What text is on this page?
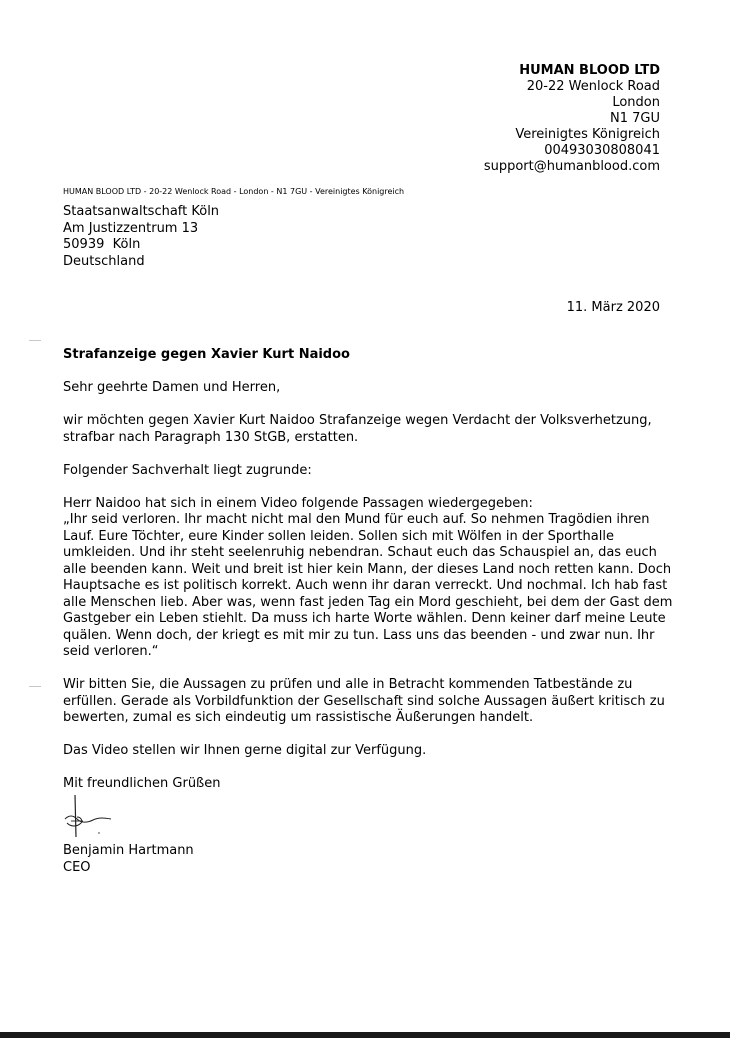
HUMAN BLOOD LTD
20-22 Wenlock Road
London
N1 7GU
Vereinigtes Königreich
00493030808041
support@humanblood.com
HUMAN BLOOD LTD - 20-22 Wenlock Road - London - N1 7GU - Vereinigtes Königreich
Staatsanwaltschaft Köln
Am Justizzentrum 13
50939  Köln
Deutschland
11. März 2020
Strafanzeige gegen Xavier Kurt Naidoo

Sehr geehrte Damen und Herren,

wir möchten gegen Xavier Kurt Naidoo Strafanzeige wegen Verdacht der Volksverhetzung, strafbar nach Paragraph 130 StGB, erstatten.

Folgender Sachverhalt liegt zugrunde:

Herr Naidoo hat sich in einem Video folgende Passagen wiedergegeben:
„Ihr seid verloren. Ihr macht nicht mal den Mund für euch auf. So nehmen Tragödien ihren Lauf. Eure Töchter, eure Kinder sollen leiden. Sollen sich mit Wölfen in der Sporthalle umkleiden. Und ihr steht seelenruhig nebendran. Schaut euch das Schauspiel an, das euch alle beenden kann. Weit und breit ist hier kein Mann, der dieses Land noch retten kann. Doch Hauptsache es ist politisch korrekt. Auch wenn ihr daran verreckt. Und nochmal. Ich hab fast alle Menschen lieb. Aber was, wenn fast jeden Tag ein Mord geschieht, bei dem der Gast dem Gastgeber ein Leben stiehlt. Da muss ich harte Worte wählen. Denn keiner darf meine Leute quälen. Wenn doch, der kriegt es mit mir zu tun. Lass uns das beenden - und zwar nun. Ihr seid verloren.“

Wir bitten Sie, die Aussagen zu prüfen und alle in Betracht kommenden Tatbestände zu erfüllen. Gerade als Vorbildfunktion der Gesellschaft sind solche Aussagen äußert kritisch zu bewerten, zumal es sich eindeutig um rassistische Äußerungen handelt.

Das Video stellen wir Ihnen gerne digital zur Verfügung.

Mit freundlichen Grüßen

Benjamin Hartmann
CEO
